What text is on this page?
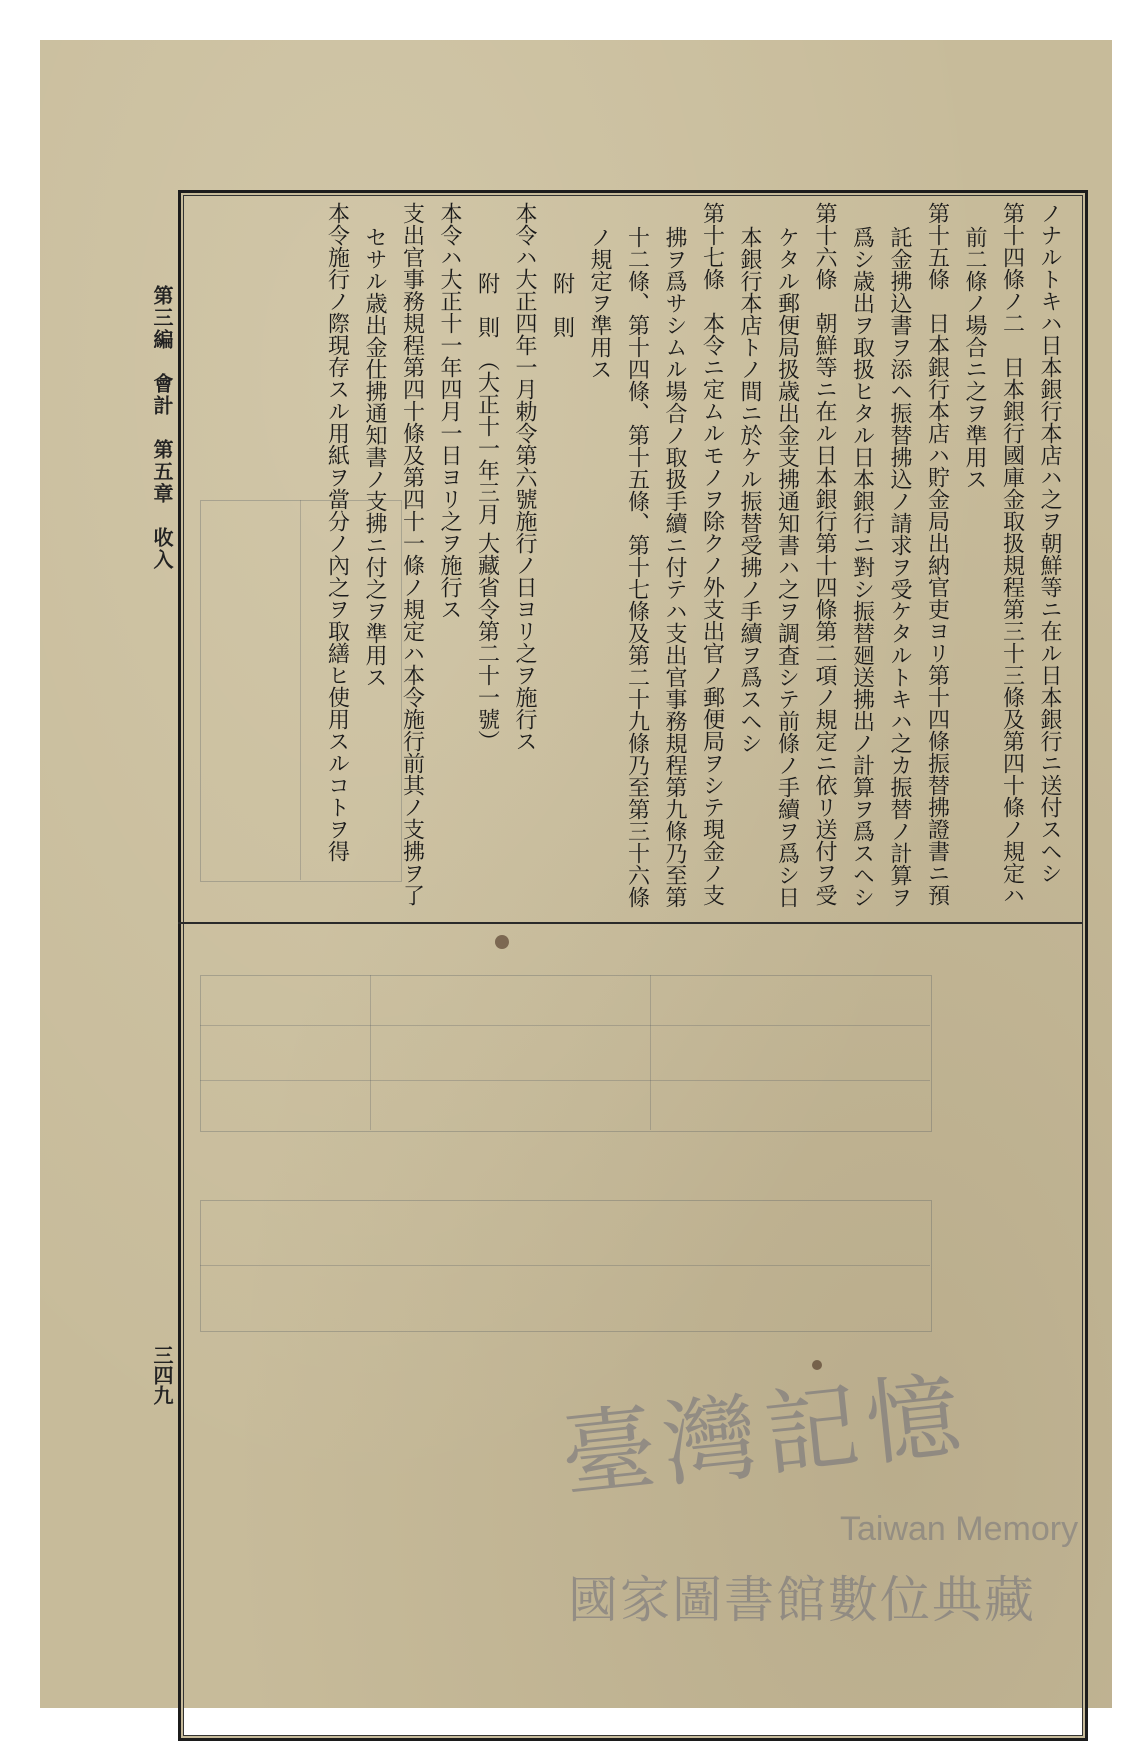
第三編　會計　第五章　收入
三四九
ノナルトキハ日本銀行本店ハ之ヲ朝鮮等ニ在ル日本銀行ニ送付スヘシ
第十四條ノ二　日本銀行國庫金取扱規程第三十三條及第四十條ノ規定ハ
前二條ノ場合ニ之ヲ準用ス
第十五條　日本銀行本店ハ貯金局出納官吏ヨリ第十四條振替拂證書ニ預
託金拂込書ヲ添ヘ振替拂込ノ請求ヲ受ケタルトキハ之カ振替ノ計算ヲ
爲シ歳出ヲ取扱ヒタル日本銀行ニ對シ振替廻送拂出ノ計算ヲ爲スヘシ
第十六條　朝鮮等ニ在ル日本銀行第十四條第二項ノ規定ニ依リ送付ヲ受
ケタル郵便局扱歳出金支拂通知書ハ之ヲ調査シテ前條ノ手續ヲ爲シ日
本銀行本店トノ間ニ於ケル振替受拂ノ手續ヲ爲スヘシ
第十七條　本令ニ定ムルモノヲ除クノ外支出官ノ郵便局ヲシテ現金ノ支
拂ヲ爲サシムル場合ノ取扱手續ニ付テハ支出官事務規程第九條乃至第
十二條、第十四條、第十五條、第十七條及第二十九條乃至第三十六條
ノ規定ヲ準用ス
附　則
本令ハ大正四年一月勅令第六號施行ノ日ヨリ之ヲ施行ス
附　則　（大正十一年三月 大藏省令第二十一號）
本令ハ大正十一年四月一日ヨリ之ヲ施行ス
支出官事務規程第四十條及第四十一條ノ規定ハ本令施行前其ノ支拂ヲ了
セサル歳出金仕拂通知書ノ支拂ニ付之ヲ準用ス
本令施行ノ際現存スル用紙ヲ當分ノ內之ヲ取繕ヒ使用スルコトヲ得
臺灣記憶
Taiwan Memory
國家圖書館數位典藏
